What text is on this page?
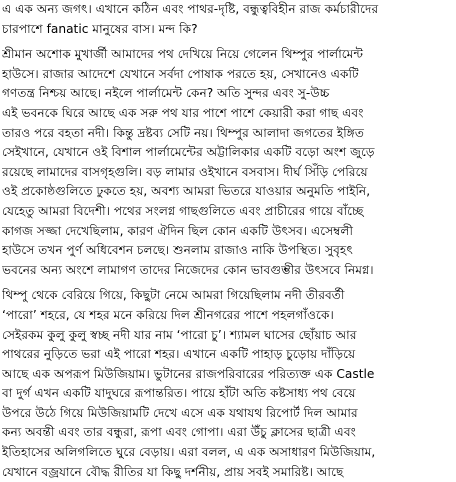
এ এক অন্য জগৎ। এখানে কঠিন এবং পাথর-দৃষ্টি, বন্ধুত্ববিহীন রাজ কর্মচারীদের
চারপাশে fanatic মানুষের বাস। মন্দ কি?
শ্রীমান অশোক মুখার্জী আমাদের পথ দেখিয়ে নিয়ে গেলেন থিম্পুর পার্লামেন্ট
হাউসে। রাজার আদেশে যেখানে সর্বদা পোষাক পরতে হয়, সেখানেও একটি
গণতন্ত্র নিশ্চয় আছে। নইলে পার্লামেন্ট কেন? অতি সুন্দর এবং সু-উচ্চ
এই ভবনকে ঘিরে আছে এক সরু পথ যার পাশে পাশে কেয়ারী করা গাছ এবং
তারও পরে বহতা নদী। কিন্তু দ্রষ্টব্য সেটি নয়। থিম্পুর আলাদা জগতের ইঙ্গিত
সেইখানে, যেখানে ওই বিশাল পার্লামেন্টের অট্টালিকার একটি বড়ো অংশ জুড়ে
রয়েছে লামাদের বাসগৃহগুলি। বড় লামার ওইখানে বসবাস। দীর্ঘ সিঁড়ি পেরিয়ে
ওই প্রকোষ্ঠগুলিতে ঢুকতে হয়, অবশ্য আমরা ভিতরে যাওয়ার অনুমতি পাইনি,
যেহেতু আমরা বিদেশী। পথের সংলগ্ন গাছগুলিতে এবং প্রাচীরের গায়ে বাঁচ্ছে
কাগজ সজ্জা দেখেছিলাম, কারণ ঐদিন ছিল কোন একটি উৎসব। এসেম্বলী
হাউসে তখন পুর্ণ অধিবেশন চলছে। শুনলাম রাজাও নাকি উপস্থিত। সুবৃহৎ
ভবনের অন্য অংশে লামাগণ তাদের নিজেদের কোন ভাবগুম্ভীর উৎসবে নিমগ্ন।
থিম্পু থেকে বেরিয়ে গিয়ে, কিছুটা নেমে আমরা গিয়েছিলাম নদী তীরবর্তী
‘পারো’ শহরে, যে শহর মনে করিয়ে দিল শ্রীনগরের পাশে পহলগাঁওকে।
সেইরকম কুলু কুলু স্বচ্ছ নদী যার নাম ‘পারো চু’। শ্যামল ঘাসের ছোঁয়াচ আর
পাথরের নুড়িতে ভরা এই পারো শহর। এখানে একটি পাহাড় চুড়োয় দাঁড়িয়ে
আছে এক অপরূপ মিউজিয়াম। ভুটানের রাজপরিবারের পরিত্যক্ত এক Castle
বা দুর্গ এখন একটি যাদুঘরে রূপান্তরিত। পায়ে হাঁটা অতি কষ্টসাধ্য পথ বেয়ে
উপরে উঠে গিয়ে মিউজিয়ামটি দেখে এসে এক যথাযথ রিপোর্ট দিল আমার
কন্য অবন্তী এবং তার বন্ধুরা, রূপা এবং গোপা। এরা উঁচু ক্লাসের ছাত্রী এবং
ইতিহাসের অলিগলিতে ঘুরে বেড়ায়। এরা বলল, এ এক অসাধারণ মিউজিয়াম,
যেখানে বজ্রযানে বৌদ্ধ রীতির যা কিছু দর্শনীয়, প্রায় সবই সমারিষ্ট। আছে
